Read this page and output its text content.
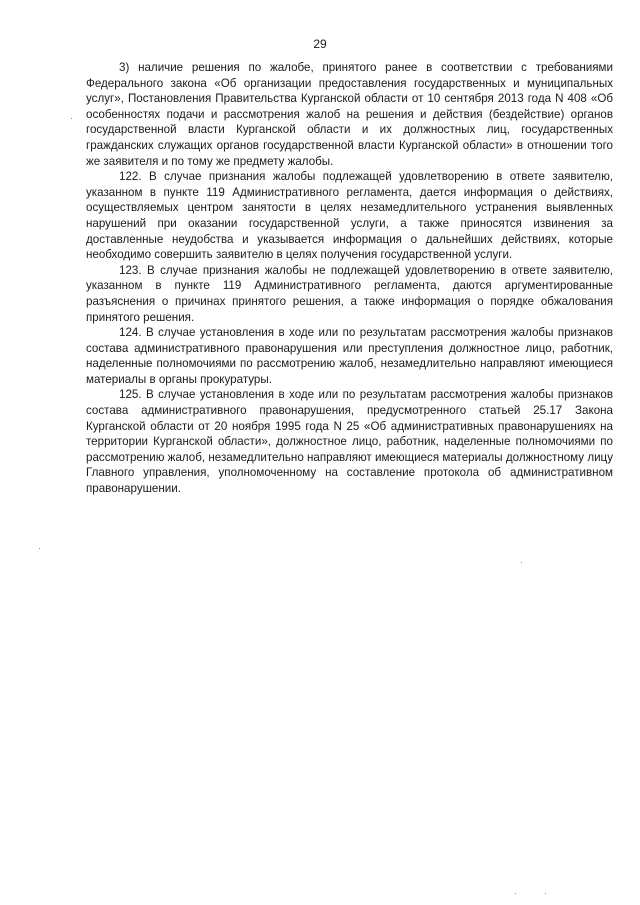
29

3) наличие решения по жалобе, принятого ранее в соответствии с требованиями Федерального закона «Об организации предоставления государственных и муниципальных услуг», Постановления Правительства Курганской области от 10 сентября 2013 года N 408 «Об особенностях подачи и рассмотрения жалоб на решения и действия (бездействие) органов государственной власти Курганской области и их должностных лиц, государственных гражданских служащих органов государственной власти Курганской области» в отношении того же заявителя и по тому же предмету жалобы.

122. В случае признания жалобы подлежащей удовлетворению в ответе заявителю, указанном в пункте 119 Административного регламента, дается информация о действиях, осуществляемых центром занятости в целях незамедлительного устранения выявленных нарушений при оказании государственной услуги, а также приносятся извинения за доставленные неудобства и указывается информация о дальнейших действиях, которые необходимо совершить заявителю в целях получения государственной услуги.

123. В случае признания жалобы не подлежащей удовлетворению в ответе заявителю, указанном в пункте 119 Административного регламента, даются аргументированные разъяснения о причинах принятого решения, а также информация о порядке обжалования принятого решения.

124. В случае установления в ходе или по результатам рассмотрения жалобы признаков состава административного правонарушения или преступления должностное лицо, работник, наделенные полномочиями по рассмотрению жалоб, незамедлительно направляют имеющиеся материалы в органы прокуратуры.

125. В случае установления в ходе или по результатам рассмотрения жалобы признаков состава административного правонарушения, предусмотренного статьей 25.17 Закона Курганской области от 20 ноября 1995 года N 25 «Об административных правонарушениях на территории Курганской области», должностное лицо, работник, наделенные полномочиями по рассмотрению жалоб, незамедлительно направляют имеющиеся материалы должностному лицу Главного управления, уполномоченному на составление протокола об административном правонарушении.
